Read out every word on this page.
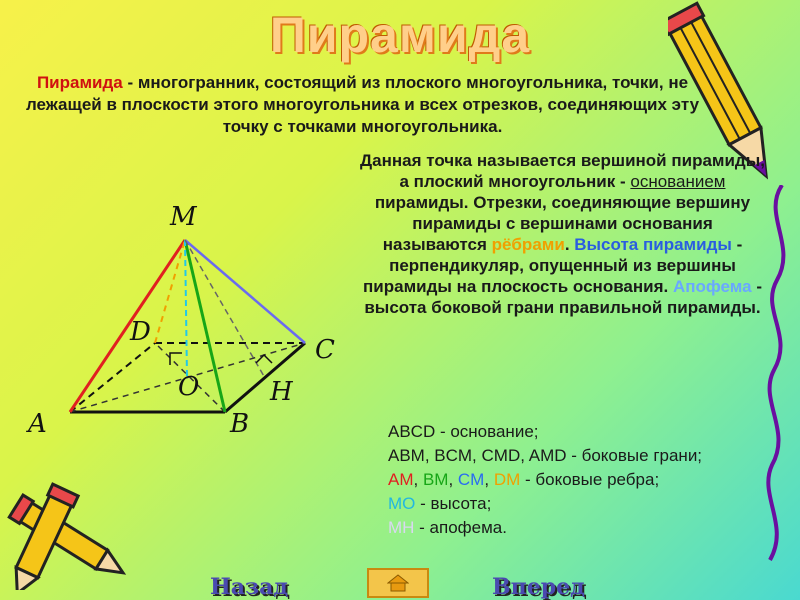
Пирамида
Пирамида - многогранник, состоящий из плоского многоугольника, точки, не лежащей в плоскости этого многоугольника и всех отрезков, соединяющих эту точку с точками многоугольника.
M
A	B
C
D
O	H
Данная точка называется вершиной пирамиды, а плоский многоугольник - основанием пирамиды. Отрезки, соединяющие вершину пирамиды с вершинами основания называются рёбрами. Высота пирамиды - перпендикуляр, опущенный из вершины пирамиды на плоскость основания. Апофема - высота боковой грани правильной пирамиды.
ABCD - основание;
ABM, BCM, CMD, AMD - боковые грани;
AM, BM, CM, DM - боковые ребра;
MO - высота;
MH - апофема.
Назад	Вперед
